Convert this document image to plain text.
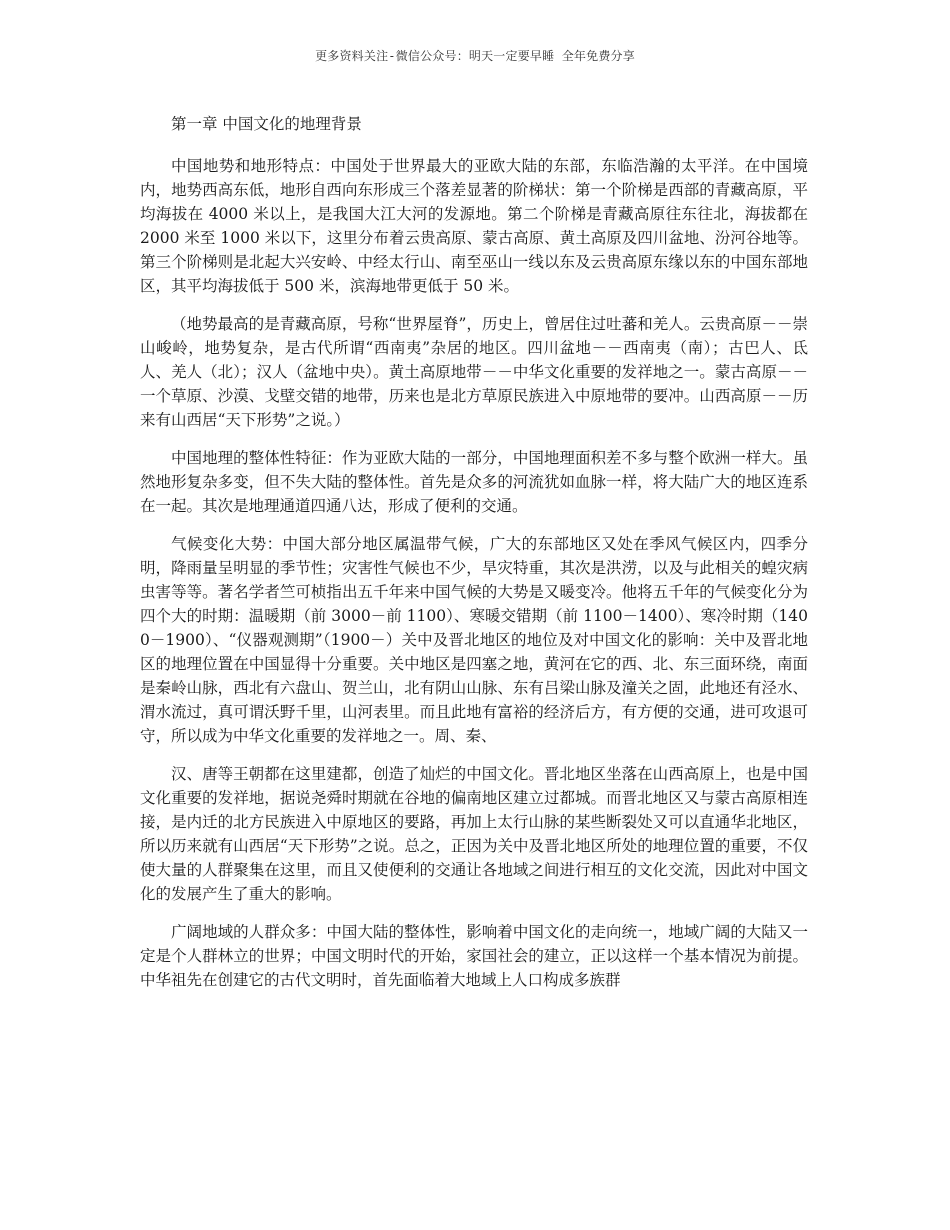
更多资料关注-微信公众号：明天一定要早睡 全年免费分享
第一章 中国文化的地理背景

中国地势和地形特点：中国处于世界最大的亚欧大陆的东部，东临浩瀚的太平洋。在中国境内，地势西高东低，地形自西向东形成三个落差显著的阶梯状：第一个阶梯是西部的青藏高原，平均海拔在 4000 米以上，是我国大江大河的发源地。第二个阶梯是青藏高原往东往北，海拔都在 2000 米至 1000 米以下，这里分布着云贵高原、蒙古高原、黄土高原及四川盆地、汾河谷地等。第三个阶梯则是北起大兴安岭、中经太行山、南至巫山一线以东及云贵高原东缘以东的中国东部地区，其平均海拔低于 500 米，滨海地带更低于 50 米。

（地势最高的是青藏高原，号称“世界屋脊”，历史上，曾居住过吐蕃和羌人。云贵高原－－崇山峻岭，地势复杂，是古代所谓“西南夷”杂居的地区。四川盆地－－西南夷（南）；古巴人、氐人、羌人（北）；汉人（盆地中央）。黄土高原地带－－中华文化重要的发祥地之一。蒙古高原－－一个草原、沙漠、戈壁交错的地带，历来也是北方草原民族进入中原地带的要冲。山西高原－－历来有山西居“天下形势”之说。）

中国地理的整体性特征：作为亚欧大陆的一部分，中国地理面积差不多与整个欧洲一样大。虽然地形复杂多变，但不失大陆的整体性。首先是众多的河流犹如血脉一样，将大陆广大的地区连系在一起。其次是地理通道四通八达，形成了便利的交通。

气候变化大势：中国大部分地区属温带气候，广大的东部地区又处在季风气候区内，四季分明，降雨量呈明显的季节性；灾害性气候也不少，旱灾特重，其次是洪涝，以及与此相关的蝗灾病虫害等等。著名学者竺可桢指出五千年来中国气候的大势是又暖变冷。他将五千年的气候变化分为四个大的时期：温暖期（前 3000－前 1100）、寒暖交错期（前 1100－1400）、寒冷时期（1400－1900）、“仪器观测期”（1900－）关中及晋北地区的地位及对中国文化的影响：关中及晋北地区的地理位置在中国显得十分重要。关中地区是四塞之地，黄河在它的西、北、东三面环绕，南面是秦岭山脉，西北有六盘山、贺兰山，北有阴山山脉、东有吕梁山脉及潼关之固，此地还有泾水、渭水流过，真可谓沃野千里，山河表里。而且此地有富裕的经济后方，有方便的交通，进可攻退可守，所以成为中华文化重要的发祥地之一。周、秦、

汉、唐等王朝都在这里建都，创造了灿烂的中国文化。晋北地区坐落在山西高原上，也是中国文化重要的发祥地，据说尧舜时期就在谷地的偏南地区建立过都城。而晋北地区又与蒙古高原相连接，是内迁的北方民族进入中原地区的要路，再加上太行山脉的某些断裂处又可以直通华北地区，所以历来就有山西居“天下形势”之说。总之，正因为关中及晋北地区所处的地理位置的重要，不仅使大量的人群聚集在这里，而且又使便利的交通让各地域之间进行相互的文化交流，因此对中国文化的发展产生了重大的影响。

广阔地域的人群众多：中国大陆的整体性，影响着中国文化的走向统一，地域广阔的大陆又一定是个人群林立的世界；中国文明时代的开始，家国社会的建立，正以这样一个基本情况为前提。中华祖先在创建它的古代文明时，首先面临着大地域上人口构成多族群
